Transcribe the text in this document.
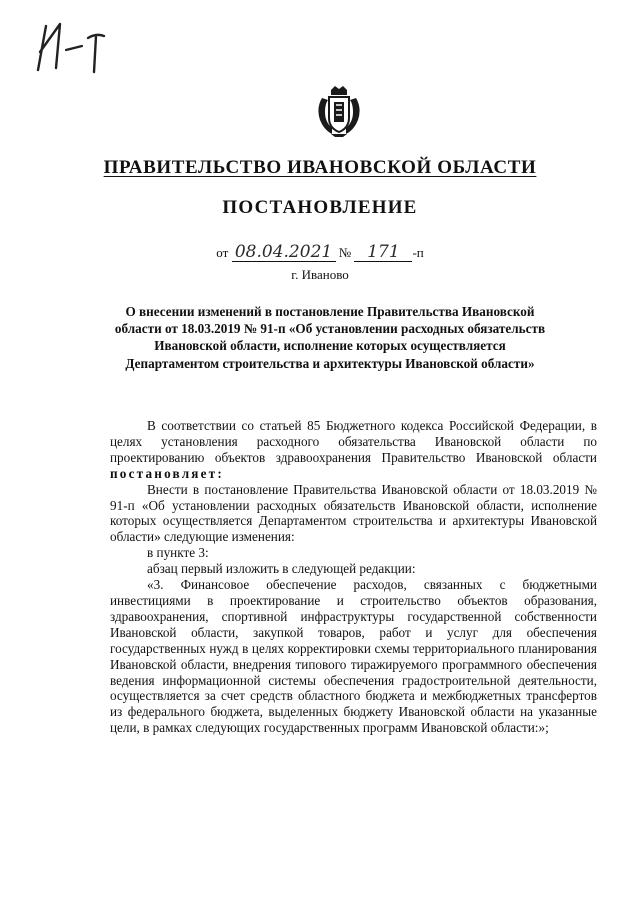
ПРАВИТЕЛЬСТВО ИВАНОВСКОЙ ОБЛАСТИ
ПОСТАНОВЛЕНИЕ
от 08.04.2021 № 171 -п
г. Иваново
О внесении изменений в постановление Правительства Ивановской области от 18.03.2019 № 91-п «Об установлении расходных обязательств Ивановской области, исполнение которых осуществляется Департаментом строительства и архитектуры Ивановской области»

В соответствии со статьей 85 Бюджетного кодекса Российской Федерации, в целях установления расходного обязательства Ивановской области по проектированию объектов здравоохранения Правительство Ивановской области постановляет:

Внести в постановление Правительства Ивановской области от 18.03.2019 № 91-п «Об установлении расходных обязательств Ивановской области, исполнение которых осуществляется Департаментом строительства и архитектуры Ивановской области» следующие изменения:

в пункте 3:

абзац первый изложить в следующей редакции:

«3. Финансовое обеспечение расходов, связанных с бюджетными инвестициями в проектирование и строительство объектов образования, здравоохранения, спортивной инфраструктуры государственной собственности Ивановской области, закупкой товаров, работ и услуг для обеспечения государственных нужд в целях корректировки схемы территориального планирования Ивановской области, внедрения типового тиражируемого программного обеспечения ведения информационной системы обеспечения градостроительной деятельности, осуществляется за счет средств областного бюджета и межбюджетных трансфертов из федерального бюджета, выделенных бюджету Ивановской области на указанные цели, в рамках следующих государственных программ Ивановской области:»;
